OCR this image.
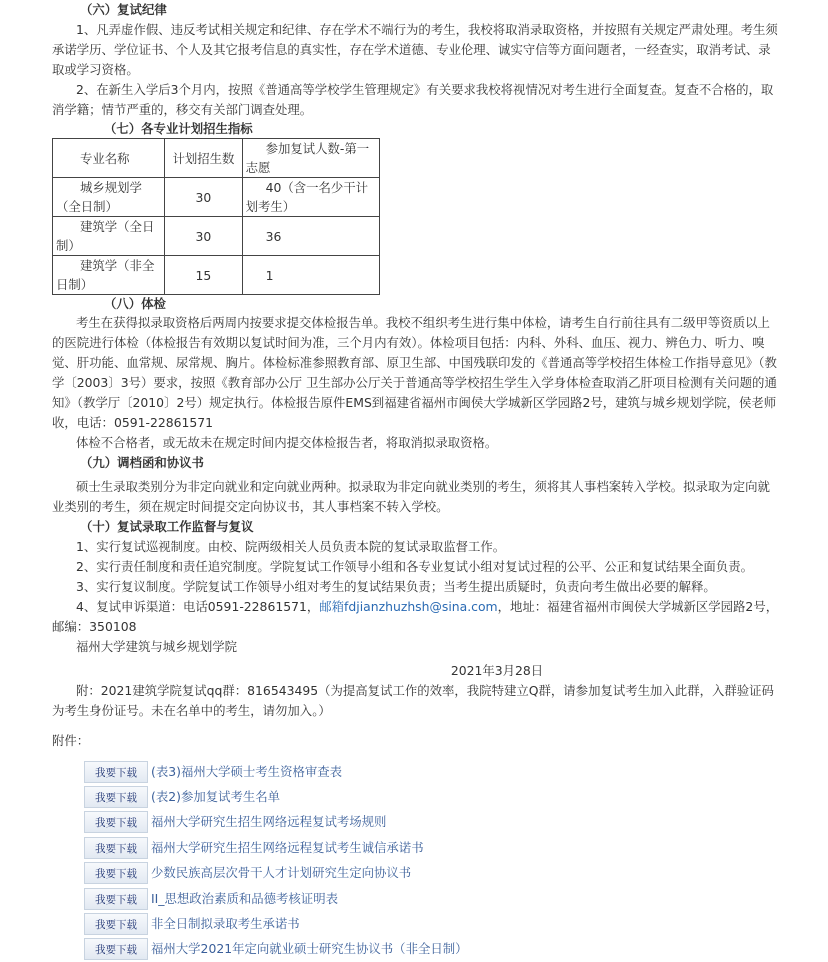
（六）复试纪律

1、凡弄虚作假、违反考试相关规定和纪律、存在学术不端行为的考生，我校将取消录取资格，并按照有关规定严肃处理。考生须承诺学历、学位证书、个人及其它报考信息的真实性，存在学术道德、专业伦理、诚实守信等方面问题者，一经查实，取消考试、录取或学习资格。

2、在新生入学后3个月内，按照《普通高等学校学生管理规定》有关要求我校将视情况对考生进行全面复查。复查不合格的，取消学籍；情节严重的，移交有关部门调查处理。

（七）各专业计划招生指标

专业名称	计划招生数	参加复试人数-第一志愿
城乡规划学（全日制）	30	40（含一名少干计划考生）
建筑学（全日制）	30	36
建筑学（非全日制）	15	1

（八）体检

考生在获得拟录取资格后两周内按要求提交体检报告单。我校不组织考生进行集中体检，请考生自行前往具有二级甲等资质以上的医院进行体检（体检报告有效期以复试时间为准，三个月内有效）。体检项目包括：内科、外科、血压、视力、辨色力、听力、嗅觉、肝功能、血常规、尿常规、胸片。体检标准参照教育部、原卫生部、中国残联印发的《普通高等学校招生体检工作指导意见》（教学〔2003〕3号）要求，按照《教育部办公厅 卫生部办公厅关于普通高等学校招生学生入学身体检查取消乙肝项目检测有关问题的通知》（教学厅〔2010〕2号）规定执行。体检报告原件EMS到福建省福州市闽侯大学城新区学园路2号，建筑与城乡规划学院，侯老师收，电话：0591-22861571

体检不合格者，或无故未在规定时间内提交体检报告者，将取消拟录取资格。

（九）调档函和协议书

硕士生录取类别分为非定向就业和定向就业两种。拟录取为非定向就业类别的考生，须将其人事档案转入学校。拟录取为定向就业类别的考生，须在规定时间提交定向协议书，其人事档案不转入学校。

（十）复试录取工作监督与复议

1、实行复试巡视制度。由校、院两级相关人员负责本院的复试录取监督工作。

2、实行责任制度和责任追究制度。学院复试工作领导小组和各专业复试小组对复试过程的公平、公正和复试结果全面负责。

3、实行复议制度。学院复试工作领导小组对考生的复试结果负责；当考生提出质疑时，负责向考生做出必要的解释。

4、复试申诉渠道：电话0591-22861571，邮箱fdjianzhuzhsh@sina.com，地址：福建省福州市闽侯大学城新区学园路2号，邮编：350108

福州大学建筑与城乡规划学院

2021年3月28日

附：2021建筑学院复试qq群：816543495（为提高复试工作的效率，我院特建立Q群，请参加复试考生加入此群，入群验证码为考生身份证号。未在名单中的考生，请勿加入。）

附件：

我要下载	(表3)福州大学硕士考生资格审查表
我要下载	(表2)参加复试考生名单
我要下载	福州大学研究生招生网络远程复试考场规则
我要下载	福州大学研究生招生网络远程复试考生诚信承诺书
我要下载	少数民族高层次骨干人才计划研究生定向协议书
我要下载	II_思想政治素质和品德考核证明表
我要下载	非全日制拟录取考生承诺书
我要下载	福州大学2021年定向就业硕士研究生协议书（非全日制）
